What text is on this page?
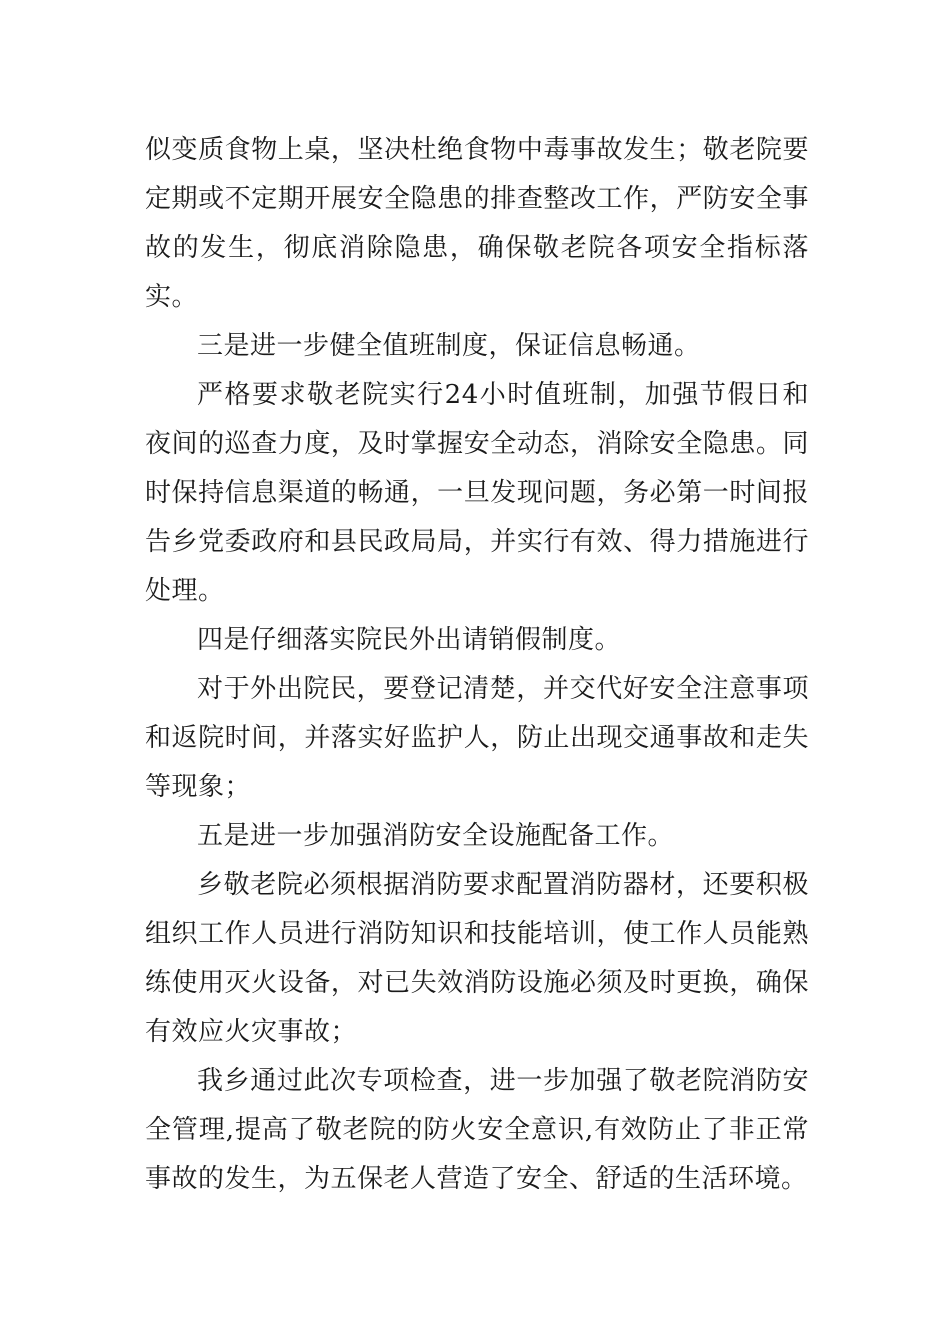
似变质食物上桌，坚决杜绝食物中毒事故发生；敬老院要定期或不定期开展安全隐患的排查整改工作，严防安全事故的发生，彻底消除隐患，确保敬老院各项安全指标落实。

三是进一步健全值班制度，保证信息畅通。

严格要求敬老院实行24小时值班制，加强节假日和夜间的巡查力度，及时掌握安全动态，消除安全隐患。同时保持信息渠道的畅通，一旦发现问题，务必第一时间报告乡党委政府和县民政局局，并实行有效、得力措施进行处理。

四是仔细落实院民外出请销假制度。

对于外出院民，要登记清楚，并交代好安全注意事项和返院时间，并落实好监护人，防止出现交通事故和走失等现象；

五是进一步加强消防安全设施配备工作。

乡敬老院必须根据消防要求配置消防器材，还要积极组织工作人员进行消防知识和技能培训，使工作人员能熟练使用灭火设备，对已失效消防设施必须及时更换，确保有效应火灾事故；

我乡通过此次专项检查，进一步加强了敬老院消防安全管理,提高了敬老院的防火安全意识,有效防止了非正常事故的发生，为五保老人营造了安全、舒适的生活环境。
